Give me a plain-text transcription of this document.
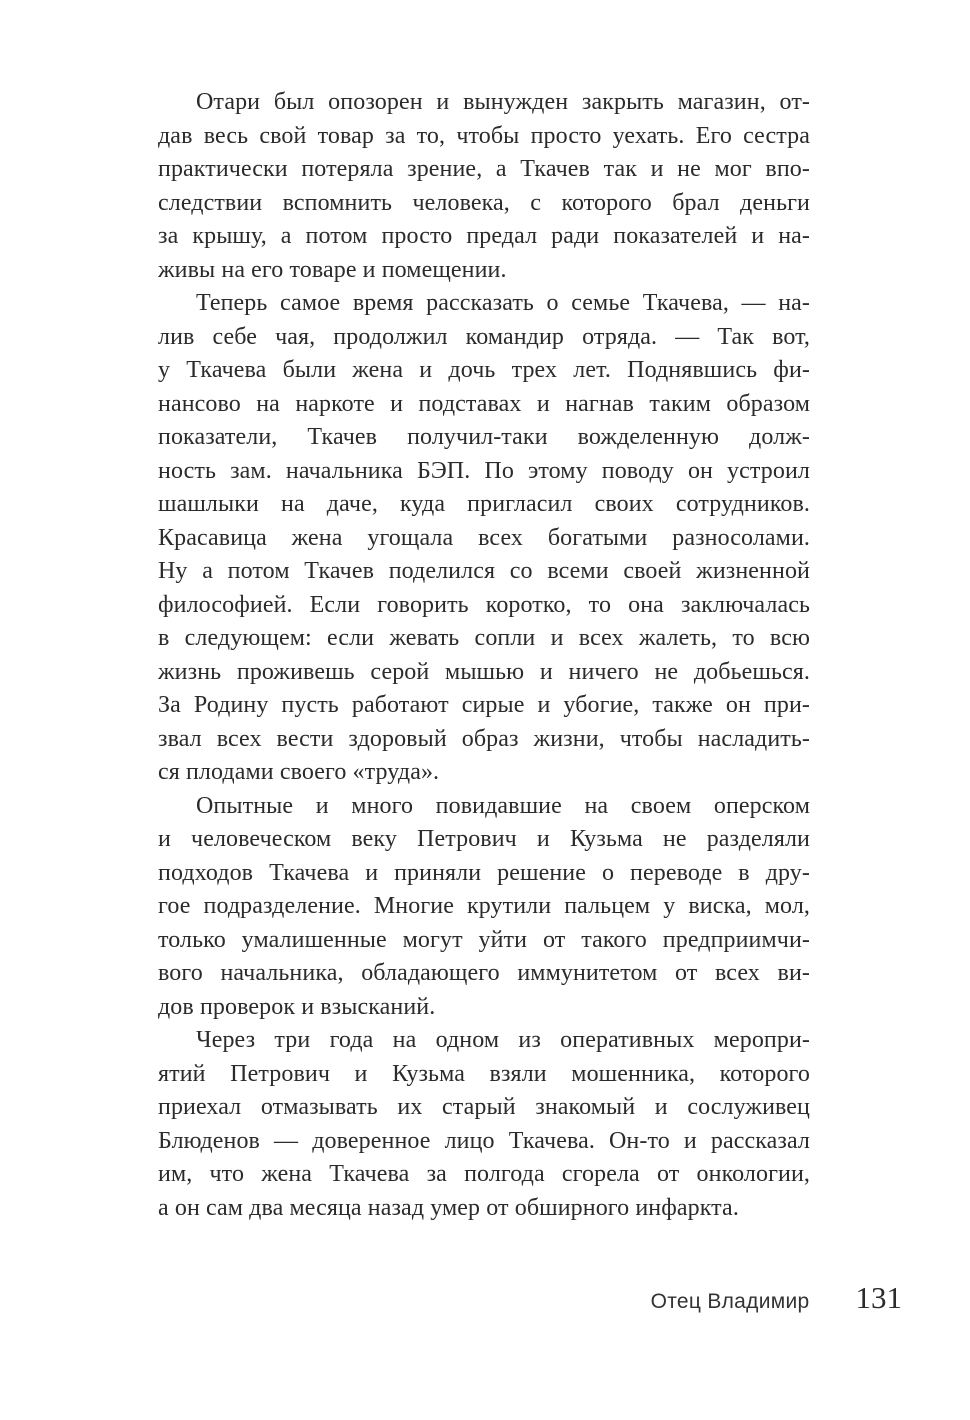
Отари был опозорен и вынужден закрыть магазин, от-
дав весь свой товар за то, чтобы просто уехать. Его сестра
практически потеряла зрение, а Ткачев так и не мог впо-
следствии вспомнить человека, с которого брал деньги
за крышу, а потом просто предал ради показателей и на-
живы на его товаре и помещении.
Теперь самое время рассказать о семье Ткачева, — на-
лив себе чая, продолжил командир отряда. — Так вот,
у Ткачева были жена и дочь трех лет. Поднявшись фи-
нансово на наркоте и подставах и нагнав таким образом
показатели, Ткачев получил-таки вожделенную долж-
ность зам. начальника БЭП. По этому поводу он устроил
шашлыки на даче, куда пригласил своих сотрудников.
Красавица жена угощала всех богатыми разносолами.
Ну а потом Ткачев поделился со всеми своей жизненной
философией. Если говорить коротко, то она заключалась
в следующем: если жевать сопли и всех жалеть, то всю
жизнь проживешь серой мышью и ничего не добьешься.
За Родину пусть работают сирые и убогие, также он при-
звал всех вести здоровый образ жизни, чтобы насладить-
ся плодами своего «труда».
Опытные и много повидавшие на своем оперском
и человеческом веку Петрович и Кузьма не разделяли
подходов Ткачева и приняли решение о переводе в дру-
гое подразделение. Многие крутили пальцем у виска, мол,
только умалишенные могут уйти от такого предприимчи-
вого начальника, обладающего иммунитетом от всех ви-
дов проверок и взысканий.
Через три года на одном из оперативных меропри-
ятий Петрович и Кузьма взяли мошенника, которого
приехал отмазывать их старый знакомый и сослуживец
Блюденов — доверенное лицо Ткачева. Он-то и рассказал
им, что жена Ткачева за полгода сгорела от онкологии,
а он сам два месяца назад умер от обширного инфаркта.
Отец Владимир 131
